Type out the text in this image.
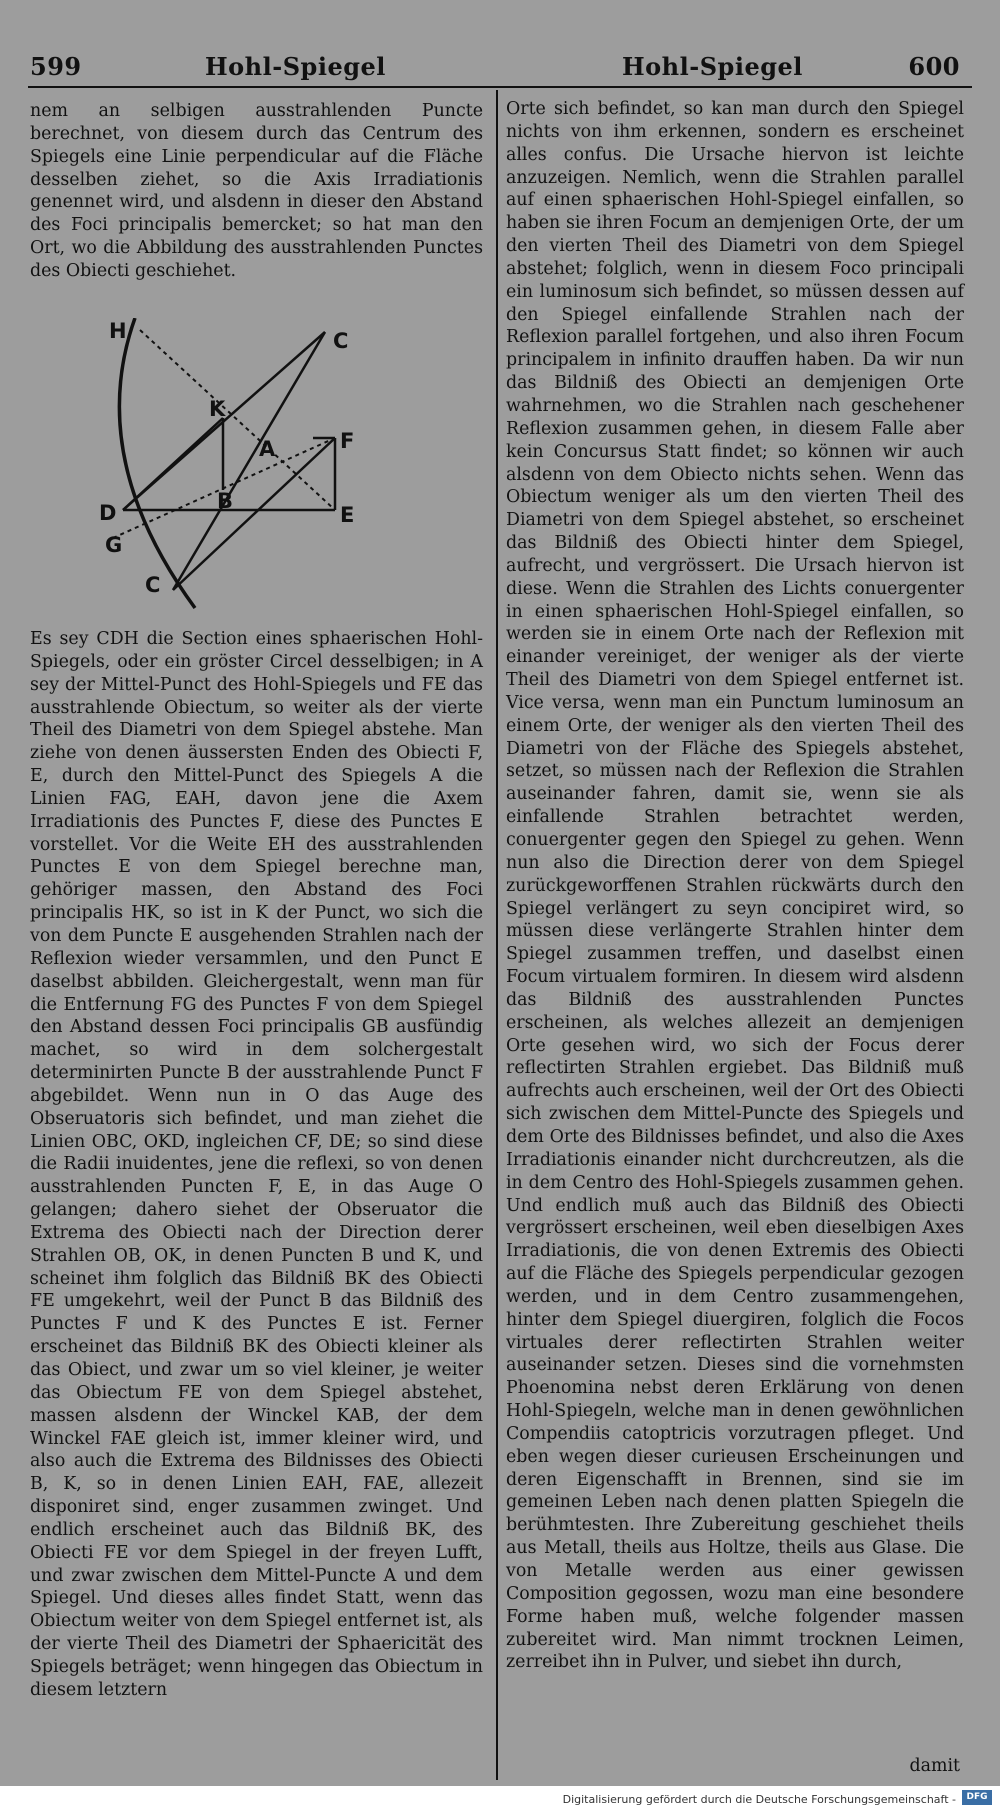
599	Hohl-Spiegel	Hohl-Spiegel	600

nem an selbigen ausstrahlenden Puncte berechnet, von diesem durch das Centrum des Spiegels eine Linie perpendicular auf die Fläche desselben ziehet, so die Axis Irradiationis genennet wird, und alsdenn in dieser den Abstand des Foci principalis bemercket; so hat man den Ort, wo die Abbildung des ausstrahlenden Punctes des Obiecti geschiehet.

H	C
K
A	F
B
D	E
G
C

Es sey CDH die Section eines sphaerischen Hohl-Spiegels, oder ein gröster Circel desselbigen; in A sey der Mittel-Punct des Hohl-Spiegels und FE das ausstrahlende Obiectum, so weiter als der vierte Theil des Diametri von dem Spiegel abstehe. Man ziehe von denen äussersten Enden des Obiecti F, E, durch den Mittel-Punct des Spiegels A die Linien FAG, EAH, davon jene die Axem Irradiationis des Punctes F, diese des Punctes E vorstellet. Vor die Weite EH des ausstrahlenden Punctes E von dem Spiegel berechne man, gehöriger massen, den Abstand des Foci principalis HK, so ist in K der Punct, wo sich die von dem Puncte E ausgehenden Strahlen nach der Reflexion wieder versammlen, und den Punct E daselbst abbilden. Gleichergestalt, wenn man für die Entfernung FG des Punctes F von dem Spiegel den Abstand dessen Foci principalis GB ausfündig machet, so wird in dem solchergestalt determinirten Puncte B der ausstrahlende Punct F abgebildet. Wenn nun in O das Auge des Obseruatoris sich befindet, und man ziehet die Linien OBC, OKD, ingleichen CF, DE; so sind diese die Radii inuidentes, jene die reflexi, so von denen ausstrahlenden Puncten F, E, in das Auge O gelangen; dahero siehet der Obseruator die Extrema des Obiecti nach der Direction derer Strahlen OB, OK, in denen Puncten B und K, und scheinet ihm folglich das Bildniß BK des Obiecti FE umgekehrt, weil der Punct B das Bildniß des Punctes F und K des Punctes E ist. Ferner erscheinet das Bildniß BK des Obiecti kleiner als das Obiect, und zwar um so viel kleiner, je weiter das Obiectum FE von dem Spiegel abstehet, massen alsdenn der Winckel KAB, der dem Winckel FAE gleich ist, immer kleiner wird, und also auch die Extrema des Bildnisses des Obiecti B, K, so in denen Linien EAH, FAE, allezeit disponiret sind, enger zusammen zwinget. Und endlich erscheinet auch das Bildniß BK, des Obiecti FE vor dem Spiegel in der freyen Lufft, und zwar zwischen dem Mittel-Puncte A und dem Spiegel. Und dieses alles findet Statt, wenn das Obiectum weiter von dem Spiegel entfernet ist, als der vierte Theil des Diametri der Sphaericität des Spiegels beträget; wenn hingegen das Obiectum in diesem letztern

Orte sich befindet, so kan man durch den Spiegel nichts von ihm erkennen, sondern es erscheinet alles confus. Die Ursache hiervon ist leichte anzuzeigen. Nemlich, wenn die Strahlen parallel auf einen sphaerischen Hohl-Spiegel einfallen, so haben sie ihren Focum an demjenigen Orte, der um den vierten Theil des Diametri von dem Spiegel abstehet; folglich, wenn in diesem Foco principali ein luminosum sich befindet, so müssen dessen auf den Spiegel einfallende Strahlen nach der Reflexion parallel fortgehen, und also ihren Focum principalem in infinito drauffen haben. Da wir nun das Bildniß des Obiecti an demjenigen Orte wahrnehmen, wo die Strahlen nach geschehener Reflexion zusammen gehen, in diesem Falle aber kein Concursus Statt findet; so können wir auch alsdenn von dem Obiecto nichts sehen. Wenn das Obiectum weniger als um den vierten Theil des Diametri von dem Spiegel abstehet, so erscheinet das Bildniß des Obiecti hinter dem Spiegel, aufrecht, und vergrössert. Die Ursach hiervon ist diese. Wenn die Strahlen des Lichts conuergenter in einen sphaerischen Hohl-Spiegel einfallen, so werden sie in einem Orte nach der Reflexion mit einander vereiniget, der weniger als der vierte Theil des Diametri von dem Spiegel entfernet ist. Vice versa, wenn man ein Punctum luminosum an einem Orte, der weniger als den vierten Theil des Diametri von der Fläche des Spiegels abstehet, setzet, so müssen nach der Reflexion die Strahlen auseinander fahren, damit sie, wenn sie als einfallende Strahlen betrachtet werden, conuergenter gegen den Spiegel zu gehen. Wenn nun also die Direction derer von dem Spiegel zurückgeworffenen Strahlen rückwärts durch den Spiegel verlängert zu seyn concipiret wird, so müssen diese verlängerte Strahlen hinter dem Spiegel zusammen treffen, und daselbst einen Focum virtualem formiren. In diesem wird alsdenn das Bildniß des ausstrahlenden Punctes erscheinen, als welches allezeit an demjenigen Orte gesehen wird, wo sich der Focus derer reflectirten Strahlen ergiebet. Das Bildniß muß aufrechts auch erscheinen, weil der Ort des Obiecti sich zwischen dem Mittel-Puncte des Spiegels und dem Orte des Bildnisses befindet, und also die Axes Irradiationis einander nicht durchcreutzen, als die in dem Centro des Hohl-Spiegels zusammen gehen. Und endlich muß auch das Bildniß des Obiecti vergrössert erscheinen, weil eben dieselbigen Axes Irradiationis, die von denen Extremis des Obiecti auf die Fläche des Spiegels perpendicular gezogen werden, und in dem Centro zusammengehen, hinter dem Spiegel diuergiren, folglich die Focos virtuales derer reflectirten Strahlen weiter auseinander setzen. Dieses sind die vornehmsten Phoenomina nebst deren Erklärung von denen Hohl-Spiegeln, welche man in denen gewöhnlichen Compendiis catoptricis vorzutragen pfleget. Und eben wegen dieser curieusen Erscheinungen und deren Eigenschafft in Brennen, sind sie im gemeinen Leben nach denen platten Spiegeln die berühmtesten. Ihre Zubereitung geschiehet theils aus Metall, theils aus Holtze, theils aus Glase. Die von Metalle werden aus einer gewissen Composition gegossen, wozu man eine besondere Forme haben muß, welche folgender massen zubereitet wird. Man nimmt trocknen Leimen, zerreibet ihn in Pulver, und siebet ihn durch,

damit
Digitalisierung gefördert durch die Deutsche Forschungsgemeinschaft -	DFG
